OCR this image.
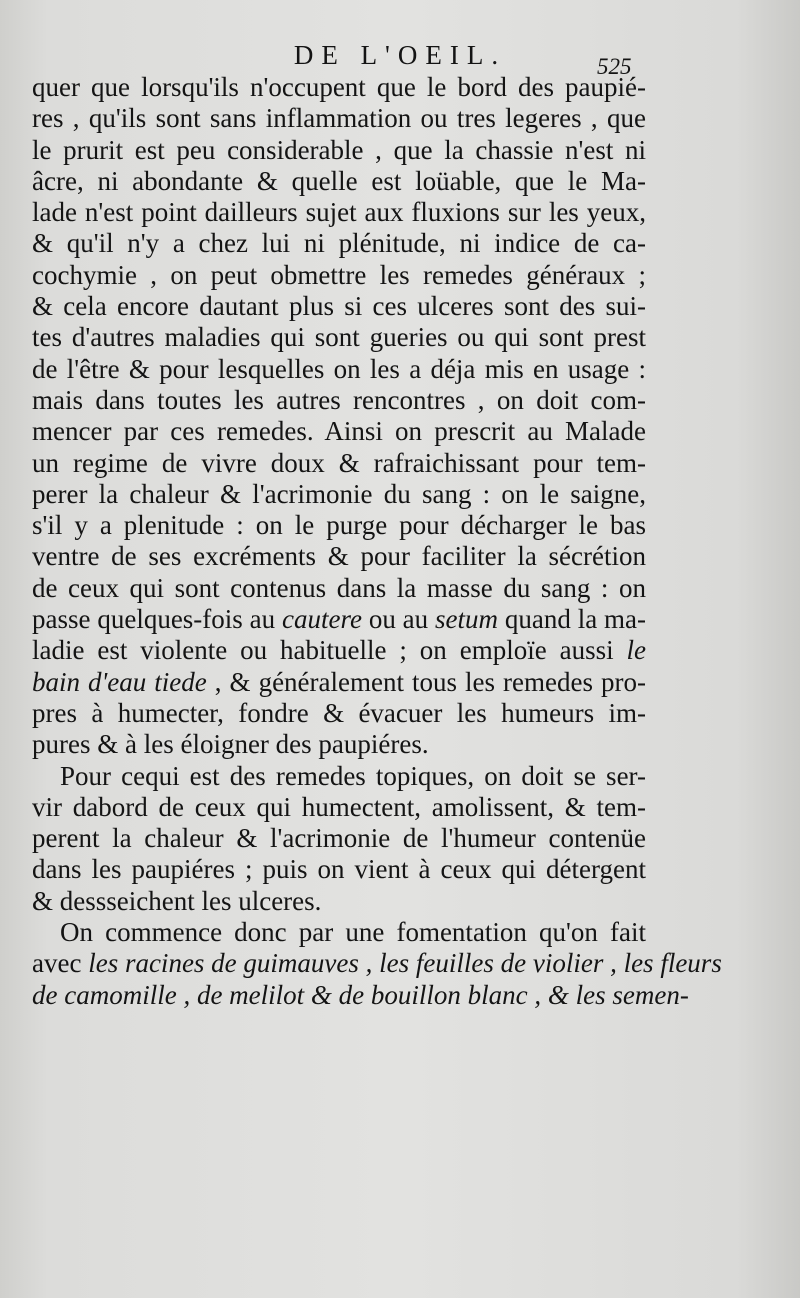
DE L'OEIL.	525
quer que lorsqu'ils n'occupent que le bord des paupié-
res , qu'ils sont sans inflammation ou tres legeres , que
le prurit est peu considerable , que la chassie n'est ni
âcre, ni abondante & quelle est loüable, que le Ma-
lade n'est point dailleurs sujet aux fluxions sur les yeux,
& qu'il n'y a chez lui ni plénitude, ni indice de ca-
cochymie , on peut obmettre les remedes généraux ;
& cela encore dautant plus si ces ulceres sont des sui-
tes d'autres maladies qui sont gueries ou qui sont prest
de l'être & pour lesquelles on les a déja mis en usage :
mais dans toutes les autres rencontres , on doit com-
mencer par ces remedes. Ainsi on prescrit au Malade
un regime de vivre doux & rafraichissant pour tem-
perer la chaleur & l'acrimonie du sang : on le saigne,
s'il y a plenitude : on le purge pour décharger le bas
ventre de ses excréments & pour faciliter la sécrétion
de ceux qui sont contenus dans la masse du sang : on
passe quelques-fois au cautere ou au setum quand la ma-
ladie est violente ou habituelle ; on emploïe aussi le
bain d'eau tiede , & généralement tous les remedes pro-
pres à humecter, fondre & évacuer les humeurs im-
pures & à les éloigner des paupiéres.
Pour cequi est des remedes topiques, on doit se ser-
vir dabord de ceux qui humectent, amolissent, & tem-
perent la chaleur & l'acrimonie de l'humeur contenüe
dans les paupiéres ; puis on vient à ceux qui détergent
& dessseichent les ulceres.
On commence donc par une fomentation qu'on fait
avec les racines de guimauves , les feuilles de violier , les fleurs
de camomille , de melilot & de bouillon blanc , & les semen-
